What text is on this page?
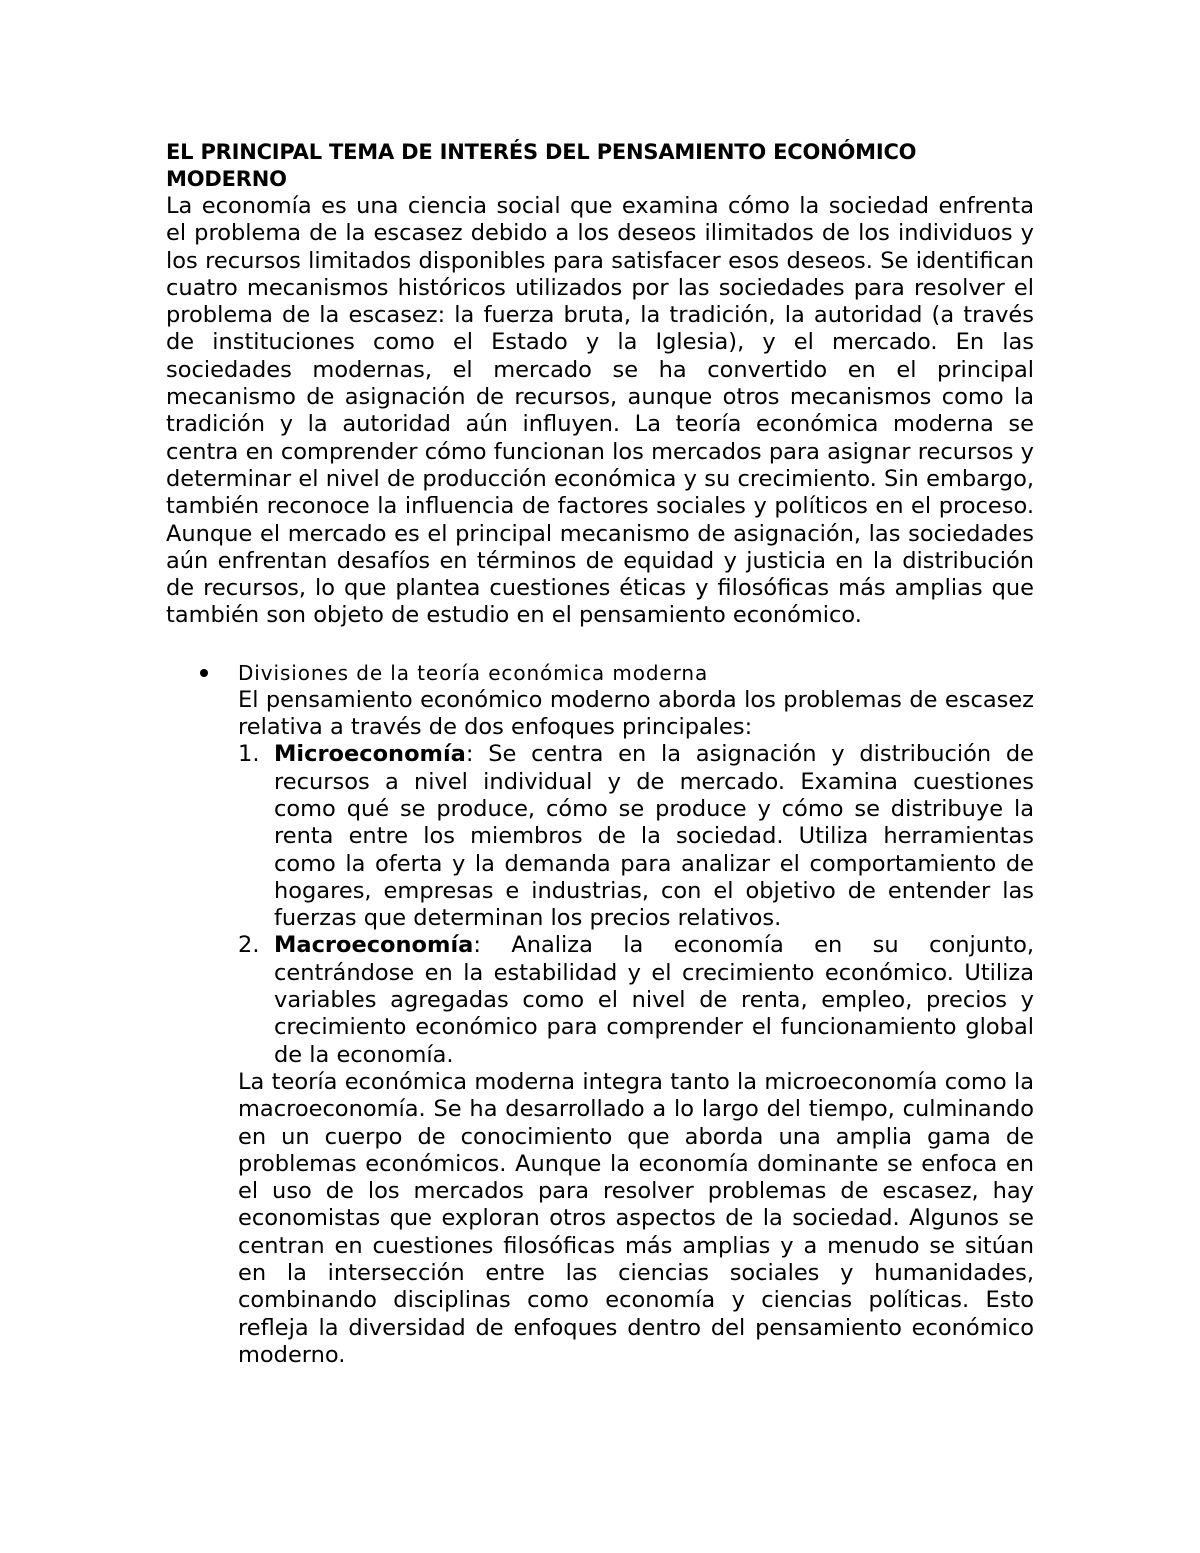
EL PRINCIPAL TEMA DE INTERÉS DEL PENSAMIENTO ECONÓMICO MODERNO

La economía es una ciencia social que examina cómo la sociedad enfrenta el problema de la escasez debido a los deseos ilimitados de los individuos y los recursos limitados disponibles para satisfacer esos deseos. Se identifican cuatro mecanismos históricos utilizados por las sociedades para resolver el problema de la escasez: la fuerza bruta, la tradición, la autoridad (a través de instituciones como el Estado y la Iglesia), y el mercado. En las sociedades modernas, el mercado se ha convertido en el principal mecanismo de asignación de recursos, aunque otros mecanismos como la tradición y la autoridad aún influyen. La teoría económica moderna se centra en comprender cómo funcionan los mercados para asignar recursos y determinar el nivel de producción económica y su crecimiento. Sin embargo, también reconoce la influencia de factores sociales y políticos en el proceso. Aunque el mercado es el principal mecanismo de asignación, las sociedades aún enfrentan desafíos en términos de equidad y justicia en la distribución de recursos, lo que plantea cuestiones éticas y filosóficas más amplias que también son objeto de estudio en el pensamiento económico.

Divisiones de la teoría económica moderna

El pensamiento económico moderno aborda los problemas de escasez relativa a través de dos enfoques principales:

1. Microeconomía: Se centra en la asignación y distribución de recursos a nivel individual y de mercado. Examina cuestiones como qué se produce, cómo se produce y cómo se distribuye la renta entre los miembros de la sociedad. Utiliza herramientas como la oferta y la demanda para analizar el comportamiento de hogares, empresas e industrias, con el objetivo de entender las fuerzas que determinan los precios relativos.

2. Macroeconomía: Analiza la economía en su conjunto, centrándose en la estabilidad y el crecimiento económico. Utiliza variables agregadas como el nivel de renta, empleo, precios y crecimiento económico para comprender el funcionamiento global de la economía.

La teoría económica moderna integra tanto la microeconomía como la macroeconomía. Se ha desarrollado a lo largo del tiempo, culminando en un cuerpo de conocimiento que aborda una amplia gama de problemas económicos. Aunque la economía dominante se enfoca en el uso de los mercados para resolver problemas de escasez, hay economistas que exploran otros aspectos de la sociedad. Algunos se centran en cuestiones filosóficas más amplias y a menudo se sitúan en la intersección entre las ciencias sociales y humanidades, combinando disciplinas como economía y ciencias políticas. Esto refleja la diversidad de enfoques dentro del pensamiento económico moderno.
